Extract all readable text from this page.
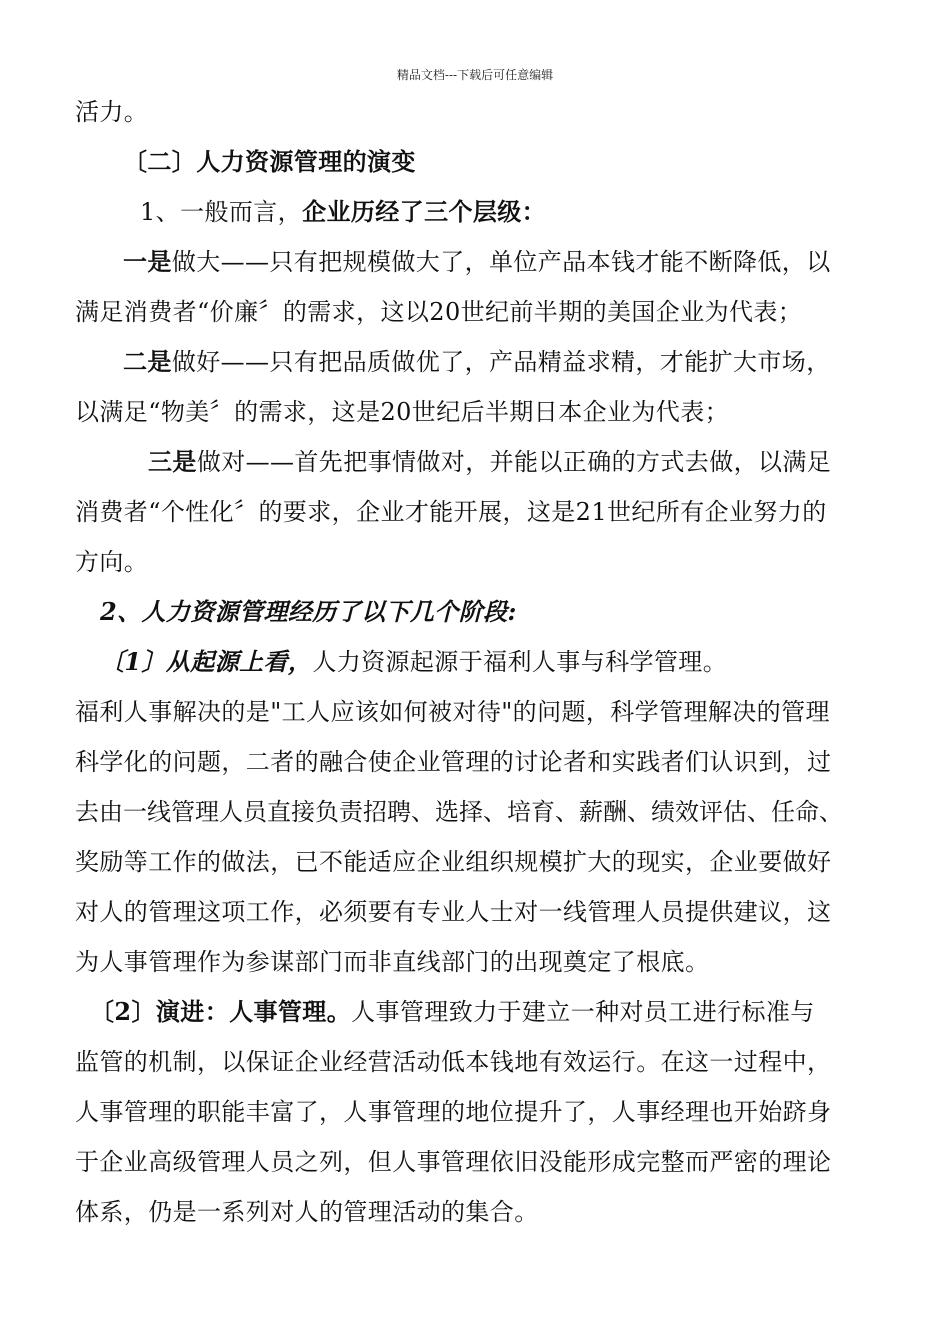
精品文档---下载后可任意编辑
活力。
〔二〕人力资源管理的演变
1、一般而言，企业历经了三个层级：
一是做大——只有把规模做大了，单位产品本钱才能不断降低，以
满足消费者“价廉〞的需求，这以20世纪前半期的美国企业为代表；
二是做好——只有把品质做优了，产品精益求精，才能扩大市场，
以满足“物美〞的需求，这是20世纪后半期日本企业为代表；
三是做对——首先把事情做对，并能以正确的方式去做，以满足
消费者“个性化〞的要求，企业才能开展，这是21世纪所有企业努力的
方向。
2、人力资源管理经历了以下几个阶段:
〔1〕从起源上看，人力资源起源于福利人事与科学管理。
福利人事解决的是"工人应该如何被对待"的问题，科学管理解决的管理
科学化的问题，二者的融合使企业管理的讨论者和实践者们认识到，过
去由一线管理人员直接负责招聘、选择、培育、薪酬、绩效评估、任命、
奖励等工作的做法，已不能适应企业组织规模扩大的现实，企业要做好
对人的管理这项工作，必须要有专业人士对一线管理人员提供建议，这
为人事管理作为参谋部门而非直线部门的出现奠定了根底。
〔2〕演进：人事管理。人事管理致力于建立一种对员工进行标准与
监管的机制，以保证企业经营活动低本钱地有效运行。在这一过程中，
人事管理的职能丰富了，人事管理的地位提升了，人事经理也开始跻身
于企业高级管理人员之列，但人事管理依旧没能形成完整而严密的理论
体系，仍是一系列对人的管理活动的集合。
